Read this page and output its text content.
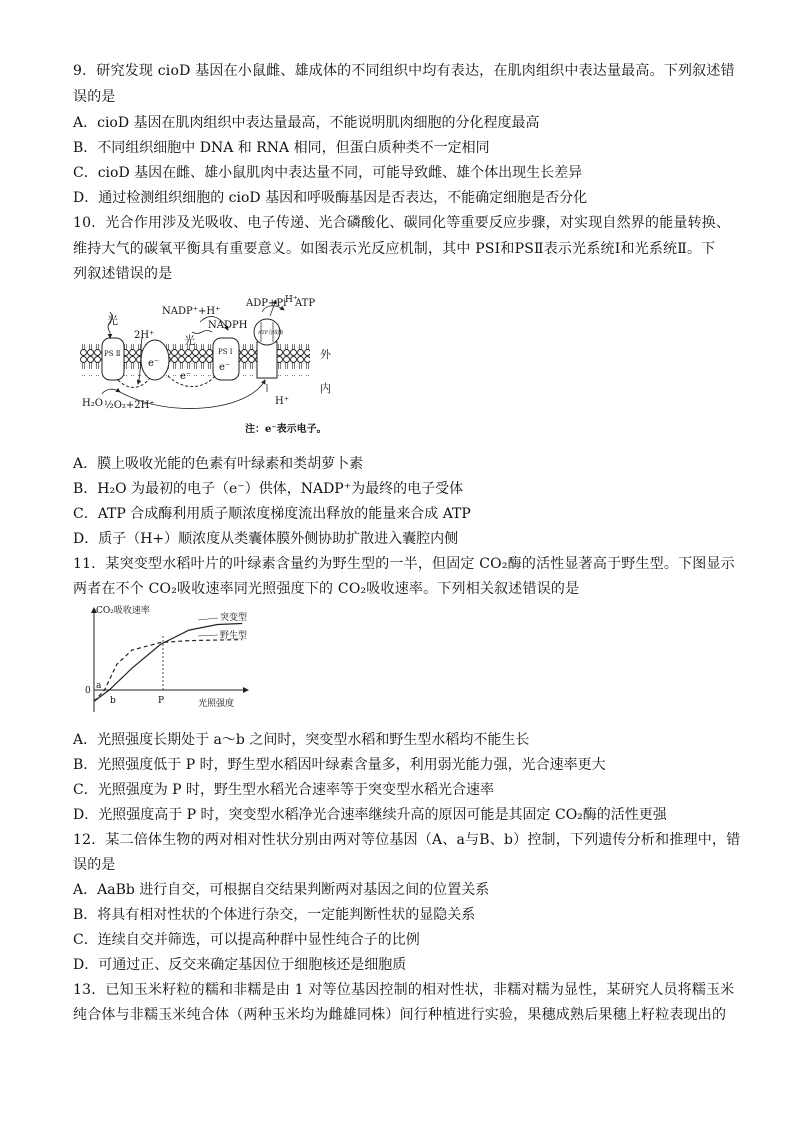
9．研究发现 cioD 基因在小鼠雌、雄成体的不同组织中均有表达，在肌肉组织中表达量最高。下列叙述错
误的是
A．cioD 基因在肌肉组织中表达量最高，不能说明肌肉细胞的分化程度最高
B．不同组织细胞中 DNA 和 RNA 相同，但蛋白质种类不一定相同
C．cioD 基因在雌、雄小鼠肌肉中表达量不同，可能导致雌、雄个体出现生长差异
D．通过检测组织细胞的 cioD 基因和呼吸酶基因是否表达，不能确定细胞是否分化
10．光合作用涉及光吸收、电子传递、光合磷酸化、碳同化等重要反应步骤，对实现自然界的能量转换、
维持大气的碳氧平衡具有重要意义。如图表示光反应机制，其中 PSI和PSⅡ表示光系统Ⅰ和光系统Ⅱ。下
列叙述错误的是
PS Ⅱ
e⁻
PS Ⅰ
e⁻
ATP合成酶
e⁻
光
2H⁺	光
NADP⁺+H⁺
NADPH
ADP+Pi ATP
H⁺
H⁺
外
内
H₂O ½O₂+2H⁺
注：e⁻表示电子。
A．膜上吸收光能的色素有叶绿素和类胡萝卜素
B．H₂O 为最初的电子（e⁻）供体，NADP⁺为最终的电子受体
C．ATP 合成酶利用质子顺浓度梯度流出释放的能量来合成 ATP
D．质子（H+）顺浓度从类囊体膜外侧协助扩散进入囊腔内侧
11．某突变型水稻叶片的叶绿素含量约为野生型的一半，但固定 CO₂酶的活性显著高于野生型。下图显示
两者在不个 CO₂吸收速率同光照强度下的 CO₂吸收速率。下列相关叙述错误的是
CO₂吸收速率
光照强度
0 a
b	P
突变型
野生型
A．光照强度长期处于 a～b 之间时，突变型水稻和野生型水稻均不能生长
B．光照强度低于 P 时，野生型水稻因叶绿素含量多，利用弱光能力强，光合速率更大
C．光照强度为 P 时，野生型水稻光合速率等于突变型水稻光合速率
D．光照强度高于 P 时，突变型水稻净光合速率继续升高的原因可能是其固定 CO₂酶的活性更强
12．某二倍体生物的两对相对性状分别由两对等位基因（A、a与B、b）控制，下列遗传分析和推理中，错
误的是
A．AaBb 进行自交，可根据自交结果判断两对基因之间的位置关系
B．将具有相对性状的个体进行杂交，一定能判断性状的显隐关系
C．连续自交并筛选，可以提高种群中显性纯合子的比例
D．可通过正、反交来确定基因位于细胞核还是细胞质
13．已知玉米籽粒的糯和非糯是由 1 对等位基因控制的相对性状，非糯对糯为显性，某研究人员将糯玉米
纯合体与非糯玉米纯合体（两种玉米均为雌雄同株）间行种植进行实验，果穗成熟后果穗上籽粒表现出的
